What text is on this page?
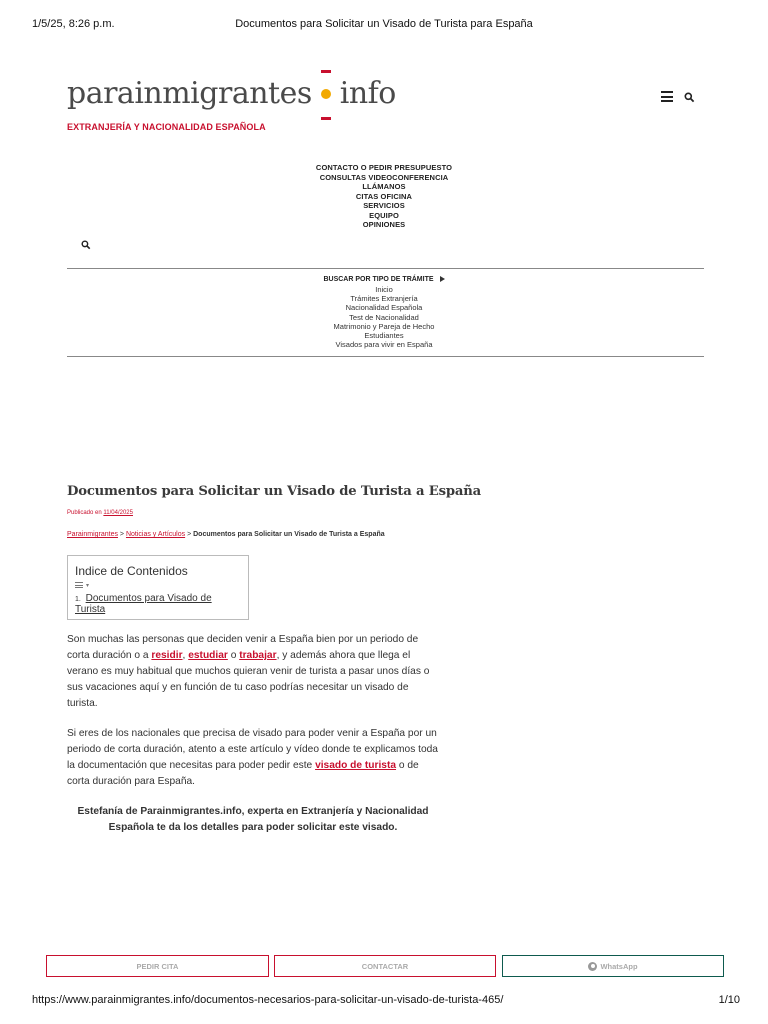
1/5/25, 8:26 p.m.	Documentos para Solicitar un Visado de Turista para España
parainmigrantes info
EXTRANJERÍA Y NACIONALIDAD ESPAÑOLA
CONTACTO O PEDIR PRESUPUESTO
CONSULTAS VIDEOCONFERENCIA
LLÁMANOS
CITAS OFICINA
SERVICIOS
EQUIPO
OPINIONES
BUSCAR POR TIPO DE TRÁMITE
Inicio
Trámites Extranjería
Nacionalidad Española
Test de Nacionalidad
Matrimonio y Pareja de Hecho
Estudiantes
Visados para vivir en España
Documentos para Solicitar un Visado de Turista a España
Publicado en 11/04/2025
Parainmigrantes > Noticias y Artículos > Documentos para Solicitar un Visado de Turista a España
Indice de Contenidos
▾
1. Documentos para Visado de Turista

Son muchas las personas que deciden venir a España bien por un periodo de corta duración o a residir, estudiar o trabajar, y además ahora que llega el verano es muy habitual que muchos quieran venir de turista a pasar unos días o sus vacaciones aquí y en función de tu caso podrías necesitar un visado de turista.

Si eres de los nacionales que precisa de visado para poder venir a España por un periodo de corta duración, atento a este artículo y vídeo donde te explicamos toda la documentación que necesitas para poder pedir este visado de turista o de corta duración para España.

Estefanía de Parainmigrantes.info, experta en Extranjería y Nacionalidad Española te da los detalles para poder solicitar este visado.

PEDIR CITA	CONTACTAR	WhatsApp
https://www.parainmigrantes.info/documentos-necesarios-para-solicitar-un-visado-de-turista-465/	1/10
